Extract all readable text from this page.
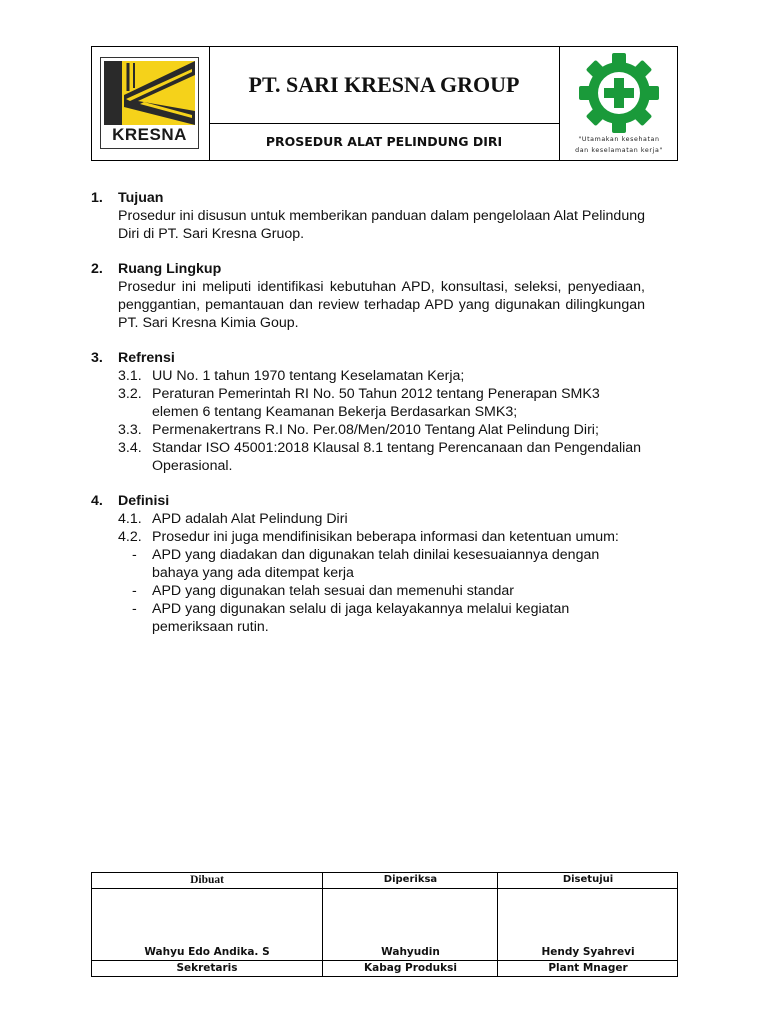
KRESNA
PT. SARI KRESNA GROUP
PROSEDUR ALAT PELINDUNG DIRI	"Utamakan kesehatan
dan keselamatan kerja"
1. Tujuan
Prosedur ini disusun untuk memberikan panduan dalam pengelolaan Alat Pelindung Diri di PT. Sari Kresna Gruop.
2. Ruang Lingkup
Prosedur ini meliputi identifikasi kebutuhan APD, konsultasi, seleksi, penyediaan, penggantian, pemantauan dan review terhadap APD yang digunakan dilingkungan PT. Sari Kresna Kimia Goup.
3. Refrensi
3.1. UU No. 1 tahun 1970 tentang Keselamatan Kerja;
3.2. Peraturan Pemerintah RI No. 50 Tahun 2012 tentang Penerapan SMK3 elemen 6 tentang Keamanan Bekerja Berdasarkan SMK3;
3.3. Permenakertrans R.I No. Per.08/Men/2010 Tentang Alat Pelindung Diri;
3.4. Standar ISO 45001:2018 Klausal 8.1 tentang Perencanaan dan Pengendalian Operasional.
4. Definisi
4.1. APD adalah Alat Pelindung Diri
4.2. Prosedur ini juga mendifinisikan beberapa informasi dan ketentuan umum:
- APD yang diadakan dan digunakan telah dinilai kesesuaiannya dengan bahaya yang ada ditempat kerja
- APD yang digunakan telah sesuai dan memenuhi standar
- APD yang digunakan selalu di jaga kelayakannya melalui kegiatan pemeriksaan rutin.
Dibuat
Wahyu Edo Andika. S
Sekretaris
Diperiksa
Wahyudin
Kabag Produksi
Disetujui
Hendy Syahrevi
Plant Mnager
